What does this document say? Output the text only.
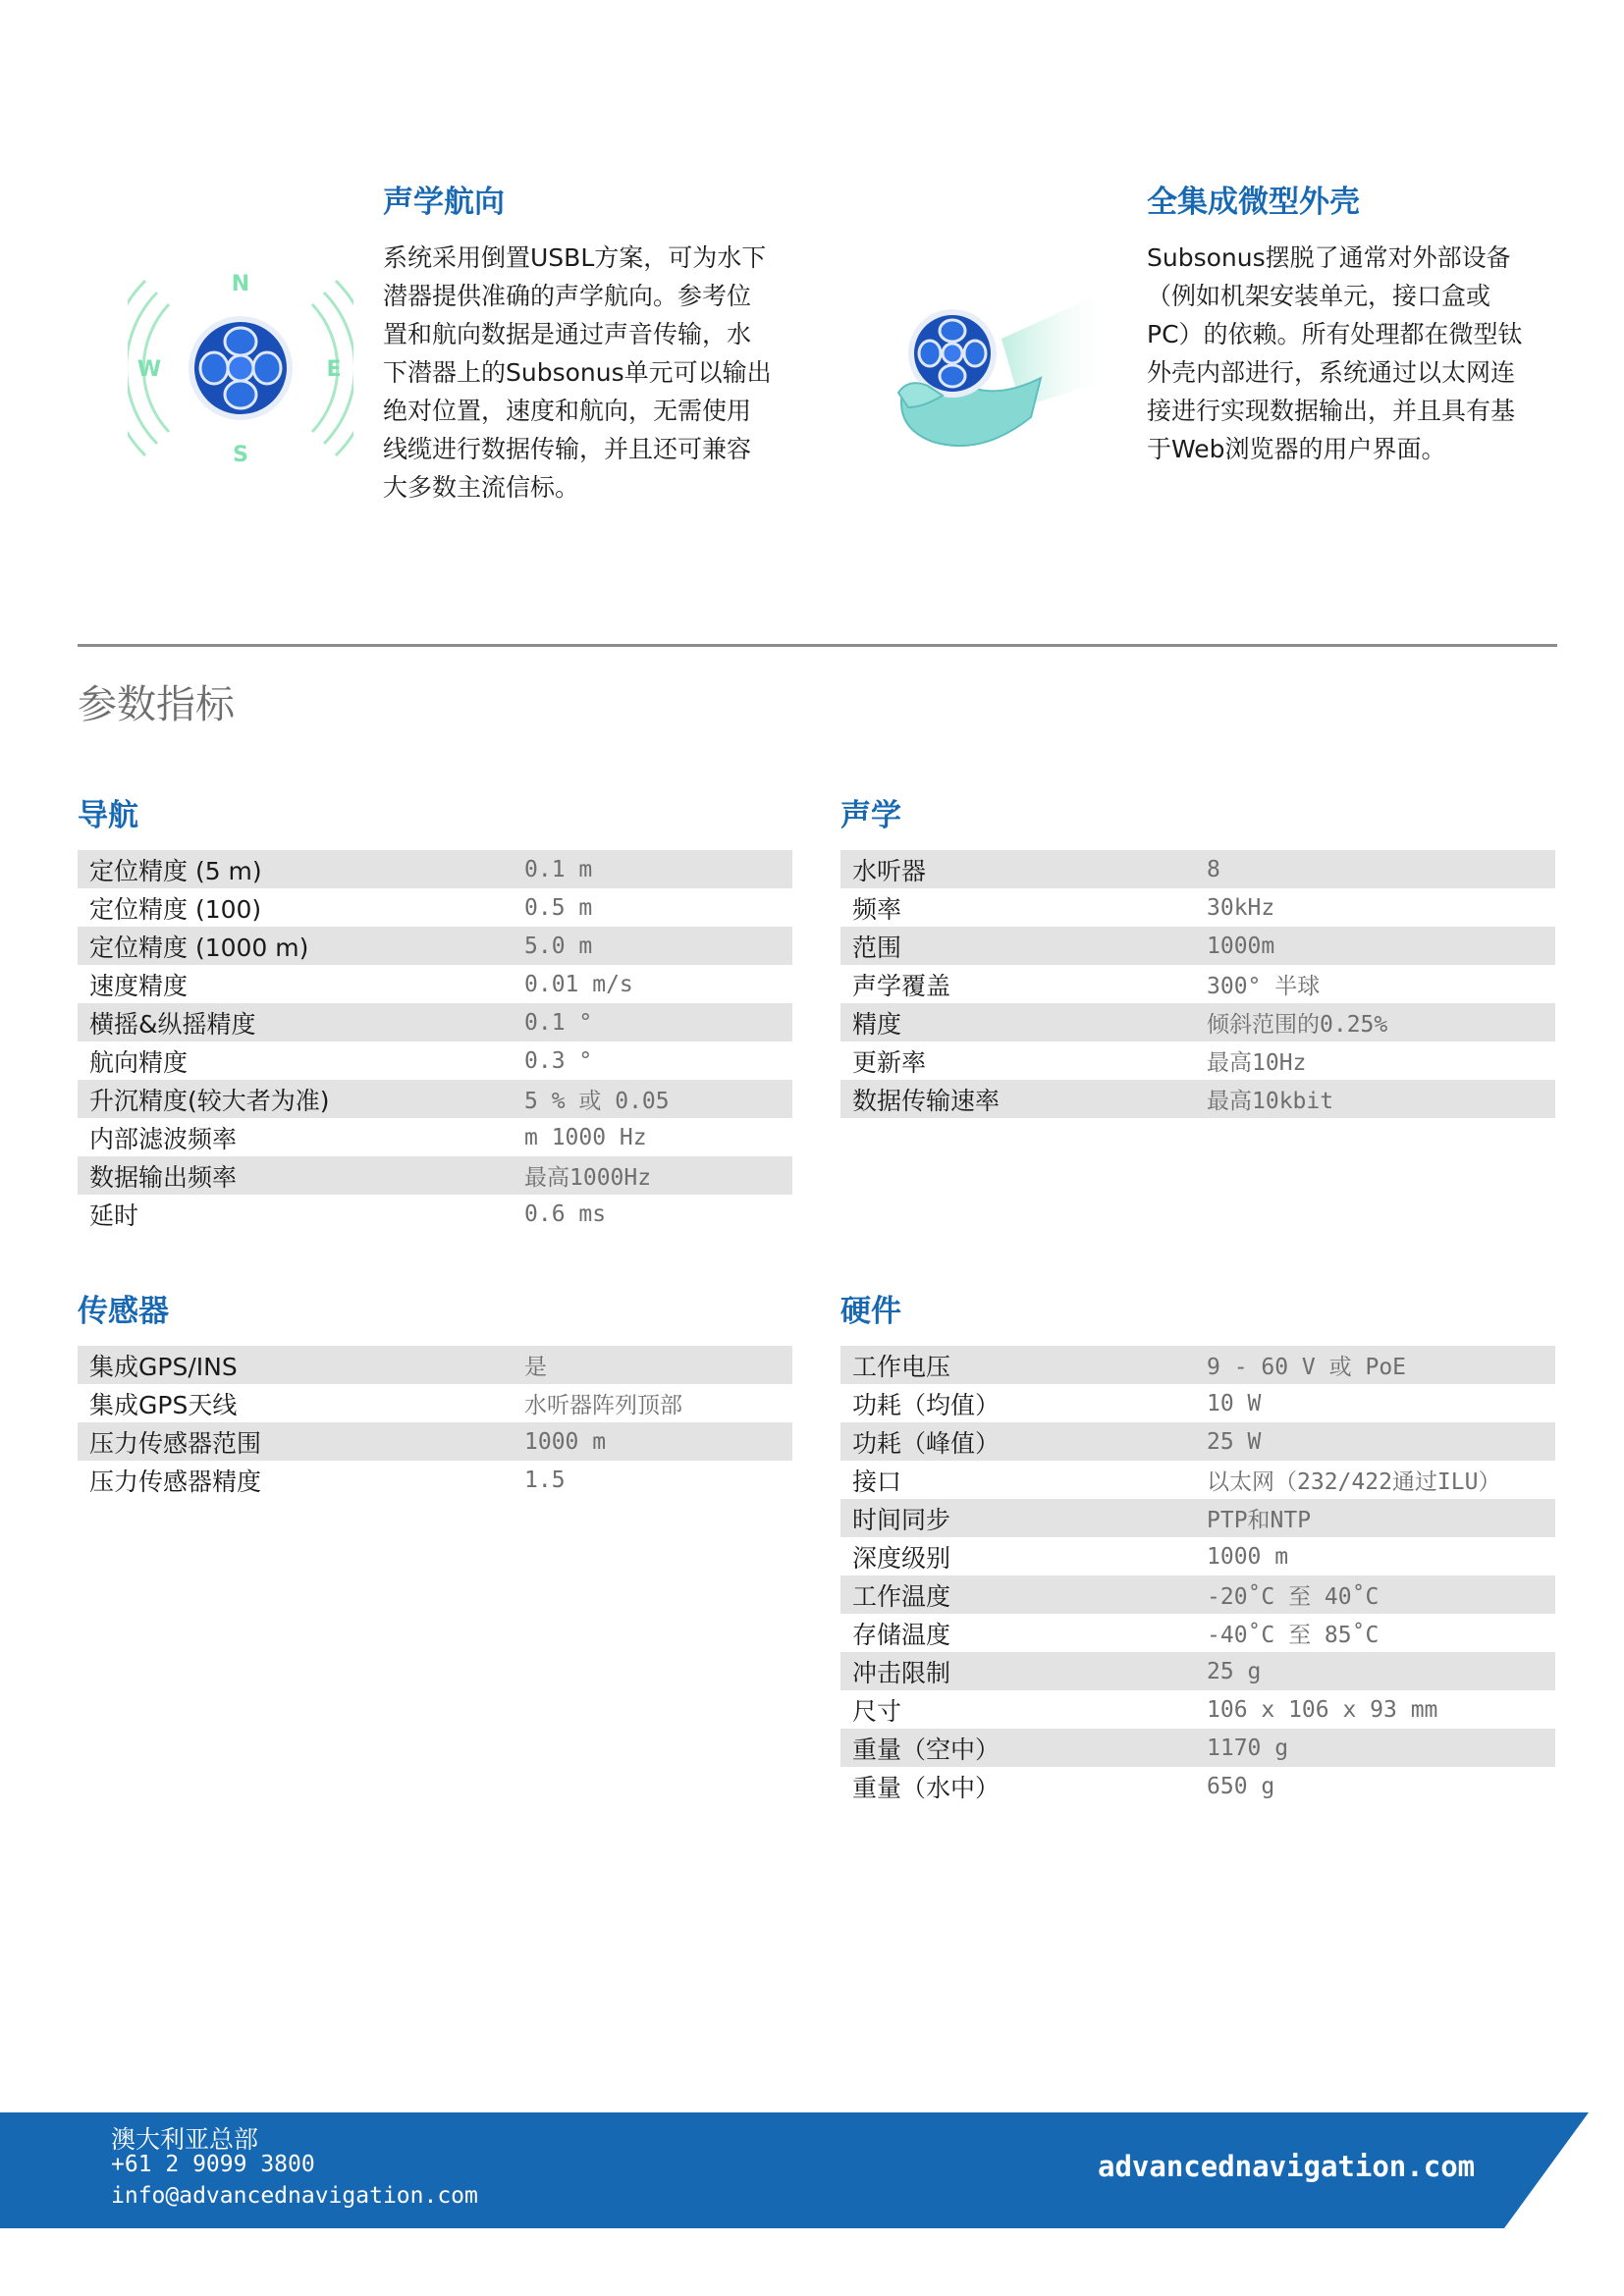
N
S
W	E
声学航向
系统采用倒置USBL方案，可为水下
潜器提供准确的声学航向。参考位
置和航向数据是通过声音传输，水
下潜器上的Subsonus单元可以输出
绝对位置，速度和航向，无需使用
线缆进行数据传输，并且还可兼容
大多数主流信标。
全集成微型外壳
Subsonus摆脱了通常对外部设备
（例如机架安装单元，接口盒或
PC）的依赖。所有处理都在微型钛
外壳内部进行，系统通过以太网连
接进行实现数据输出，并且具有基
于Web浏览器的用户界面。
参数指标
导航
定位精度 (5 m)	0.1 m
定位精度 (100)	0.5 m
定位精度 (1000 m)	5.0 m
速度精度	0.01 m/s
横摇&纵摇精度	0.1 °
航向精度	0.3 °
升沉精度(较大者为准)	5 % 或 0.05
内部滤波频率	m 1000 Hz
数据输出频率	最高1000Hz
延时	0.6 ms
声学
水听器	8
频率	30kHz
范围	1000m
声学覆盖	300° 半球
精度	倾斜范围的0.25%
更新率	最高10Hz
数据传输速率	最高10kbit
传感器
集成GPS/INS	是
集成GPS天线	水听器阵列顶部
压力传感器范围	1000 m
压力传感器精度	1.5
硬件
工作电压	9 - 60 V 或 PoE
功耗（均值）	10 W
功耗（峰值）	25 W
接口	以太网（232/422通过ILU）
时间同步	PTP和NTP
深度级别	1000 m
工作温度	-20˚C 至 40˚C
存储温度	-40˚C 至 85˚C
冲击限制	25 g
尺寸	106 x 106 x 93 mm
重量（空中）	1170 g
重量（水中）	650 g
澳大利亚总部
+61 2 9099 3800
info@advancednavigation.com
advancednavigation.com
